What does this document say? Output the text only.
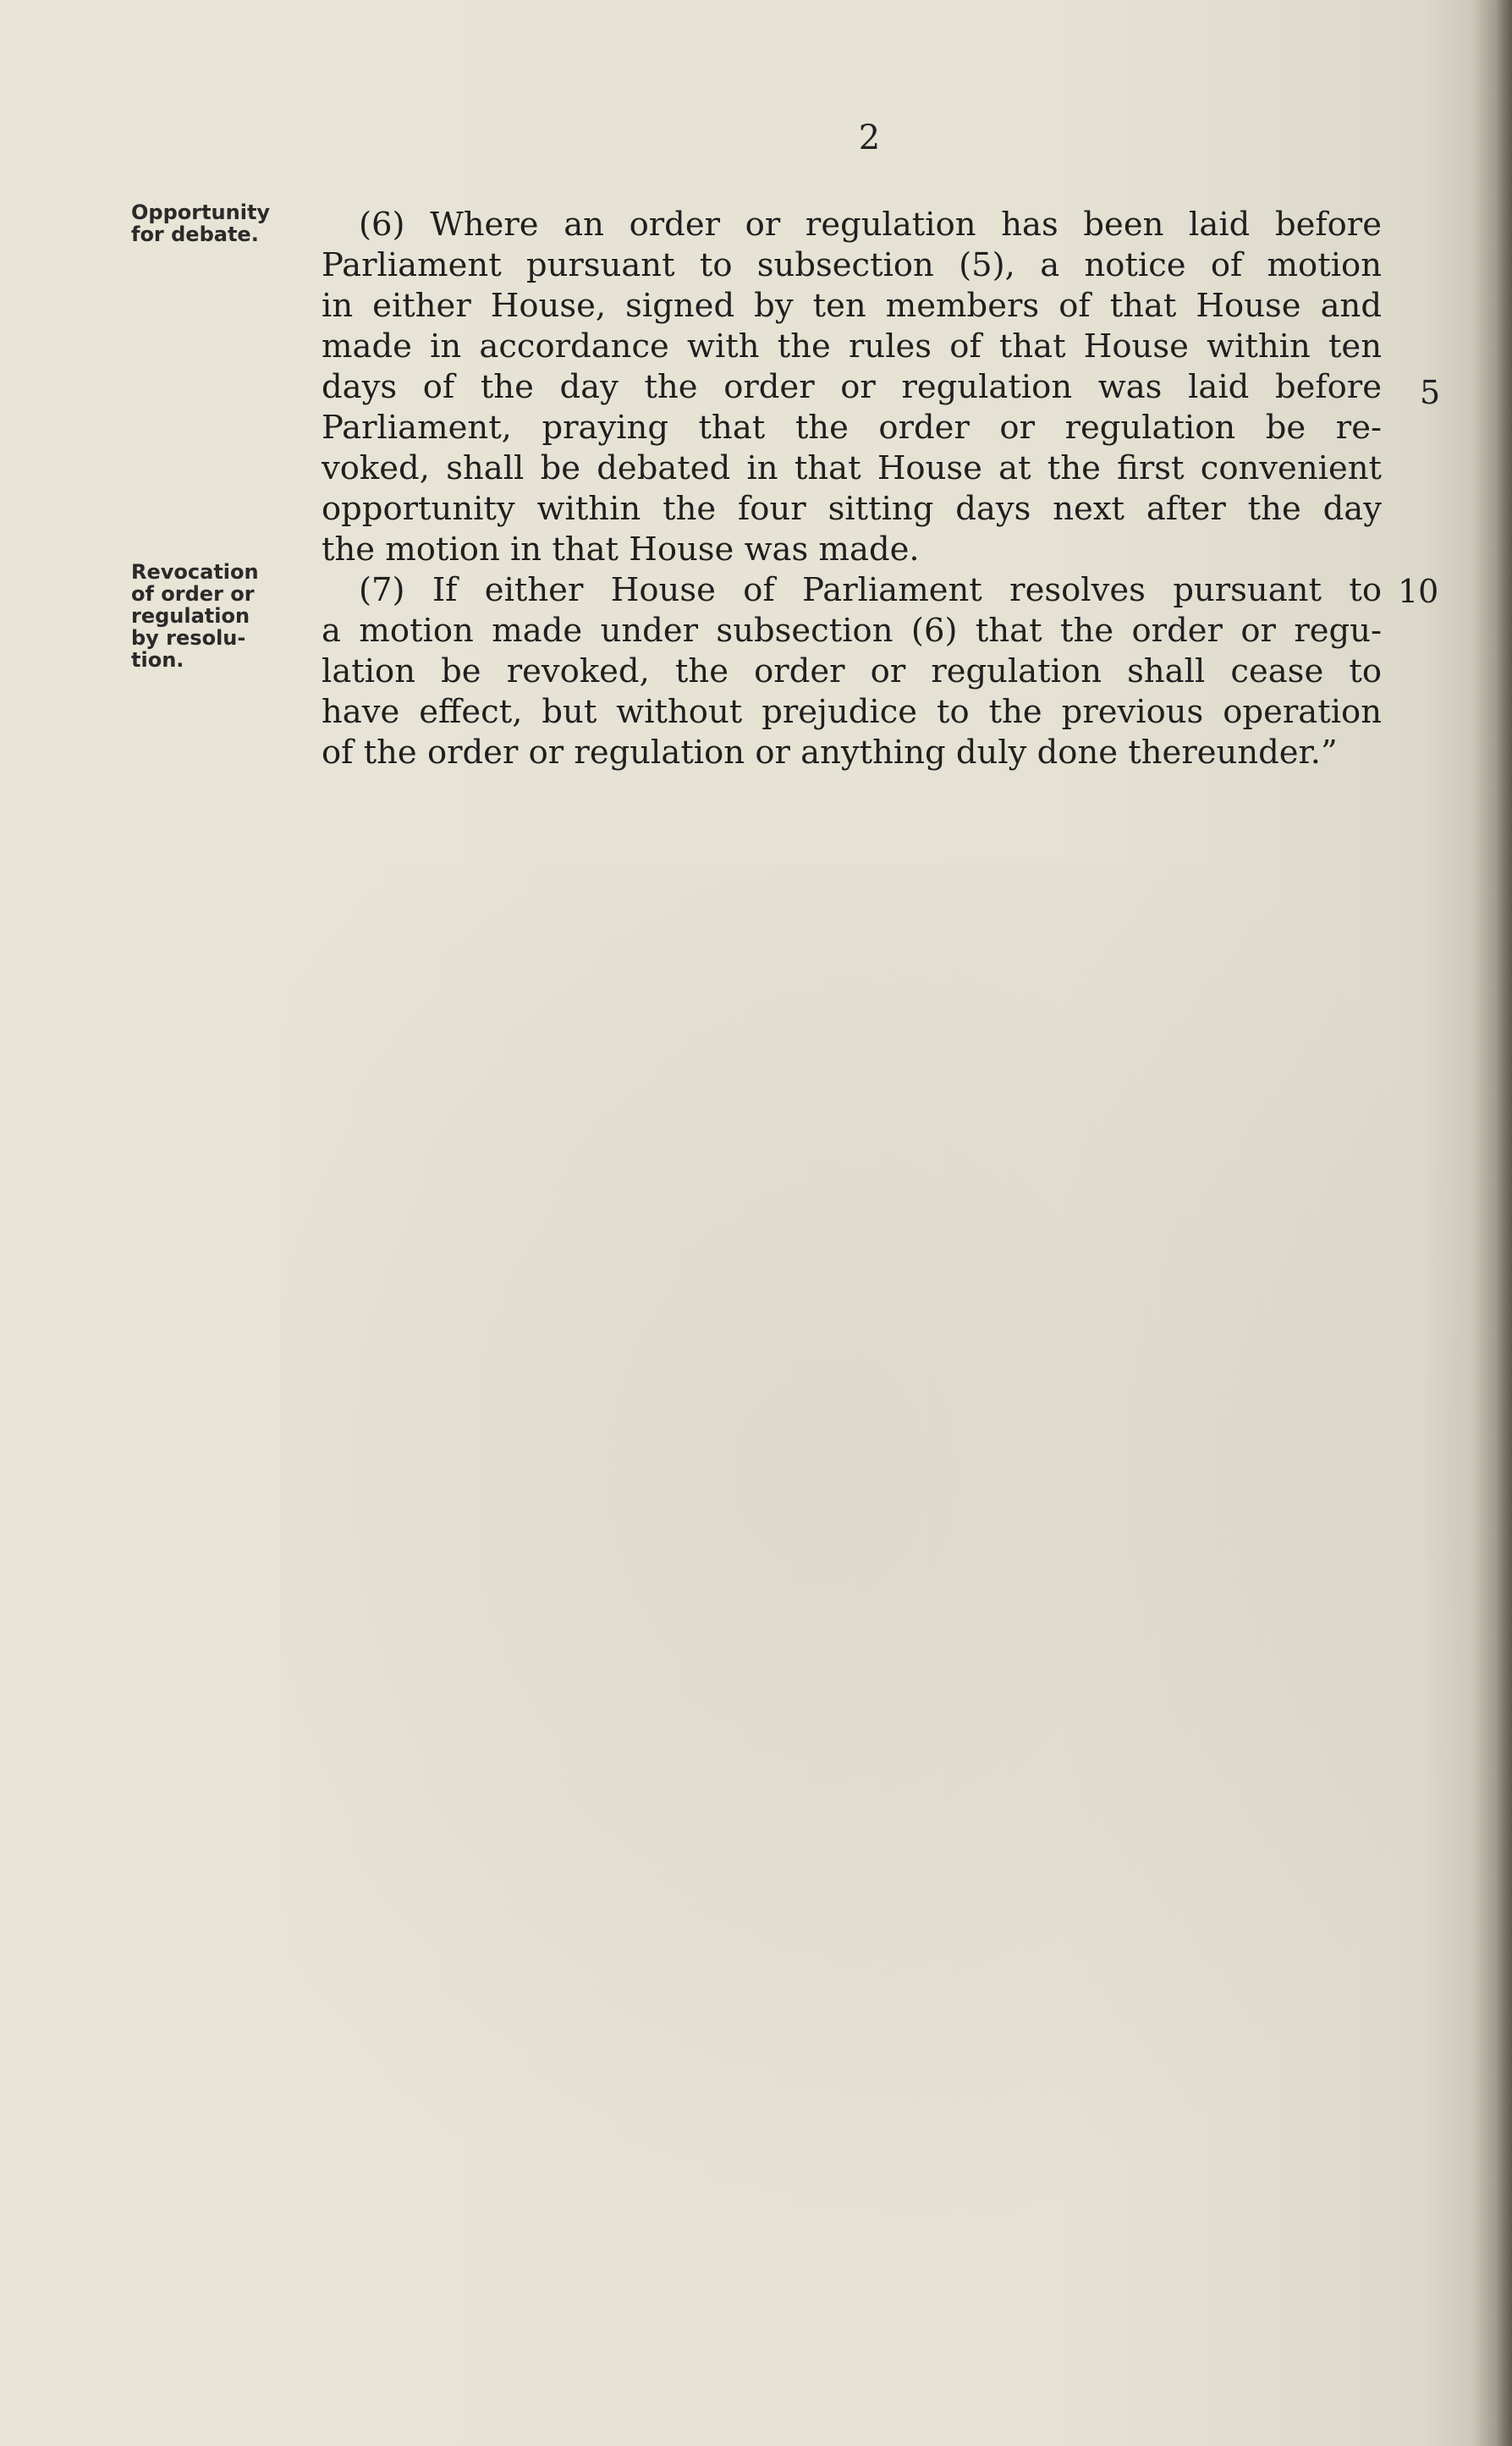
2
Opportunity
for debate.
Revocation
of order or
regulation
by resolu-
tion.
(6) Where an order or regulation has been laid before
Parliament pursuant to subsection (5), a notice of motion
in either House, signed by ten members of that House and
made in accordance with the rules of that House within ten
days of the day the order or regulation was laid before
Parliament, praying that the order or regulation be re-
voked, shall be debated in that House at the first convenient
opportunity within the four sitting days next after the day
the motion in that House was made.
(7) If either House of Parliament resolves pursuant to
a motion made under subsection (6) that the order or regu-
lation be revoked, the order or regulation shall cease to
have effect, but without prejudice to the previous operation
of the order or regulation or anything duly done thereunder.”
5
10
